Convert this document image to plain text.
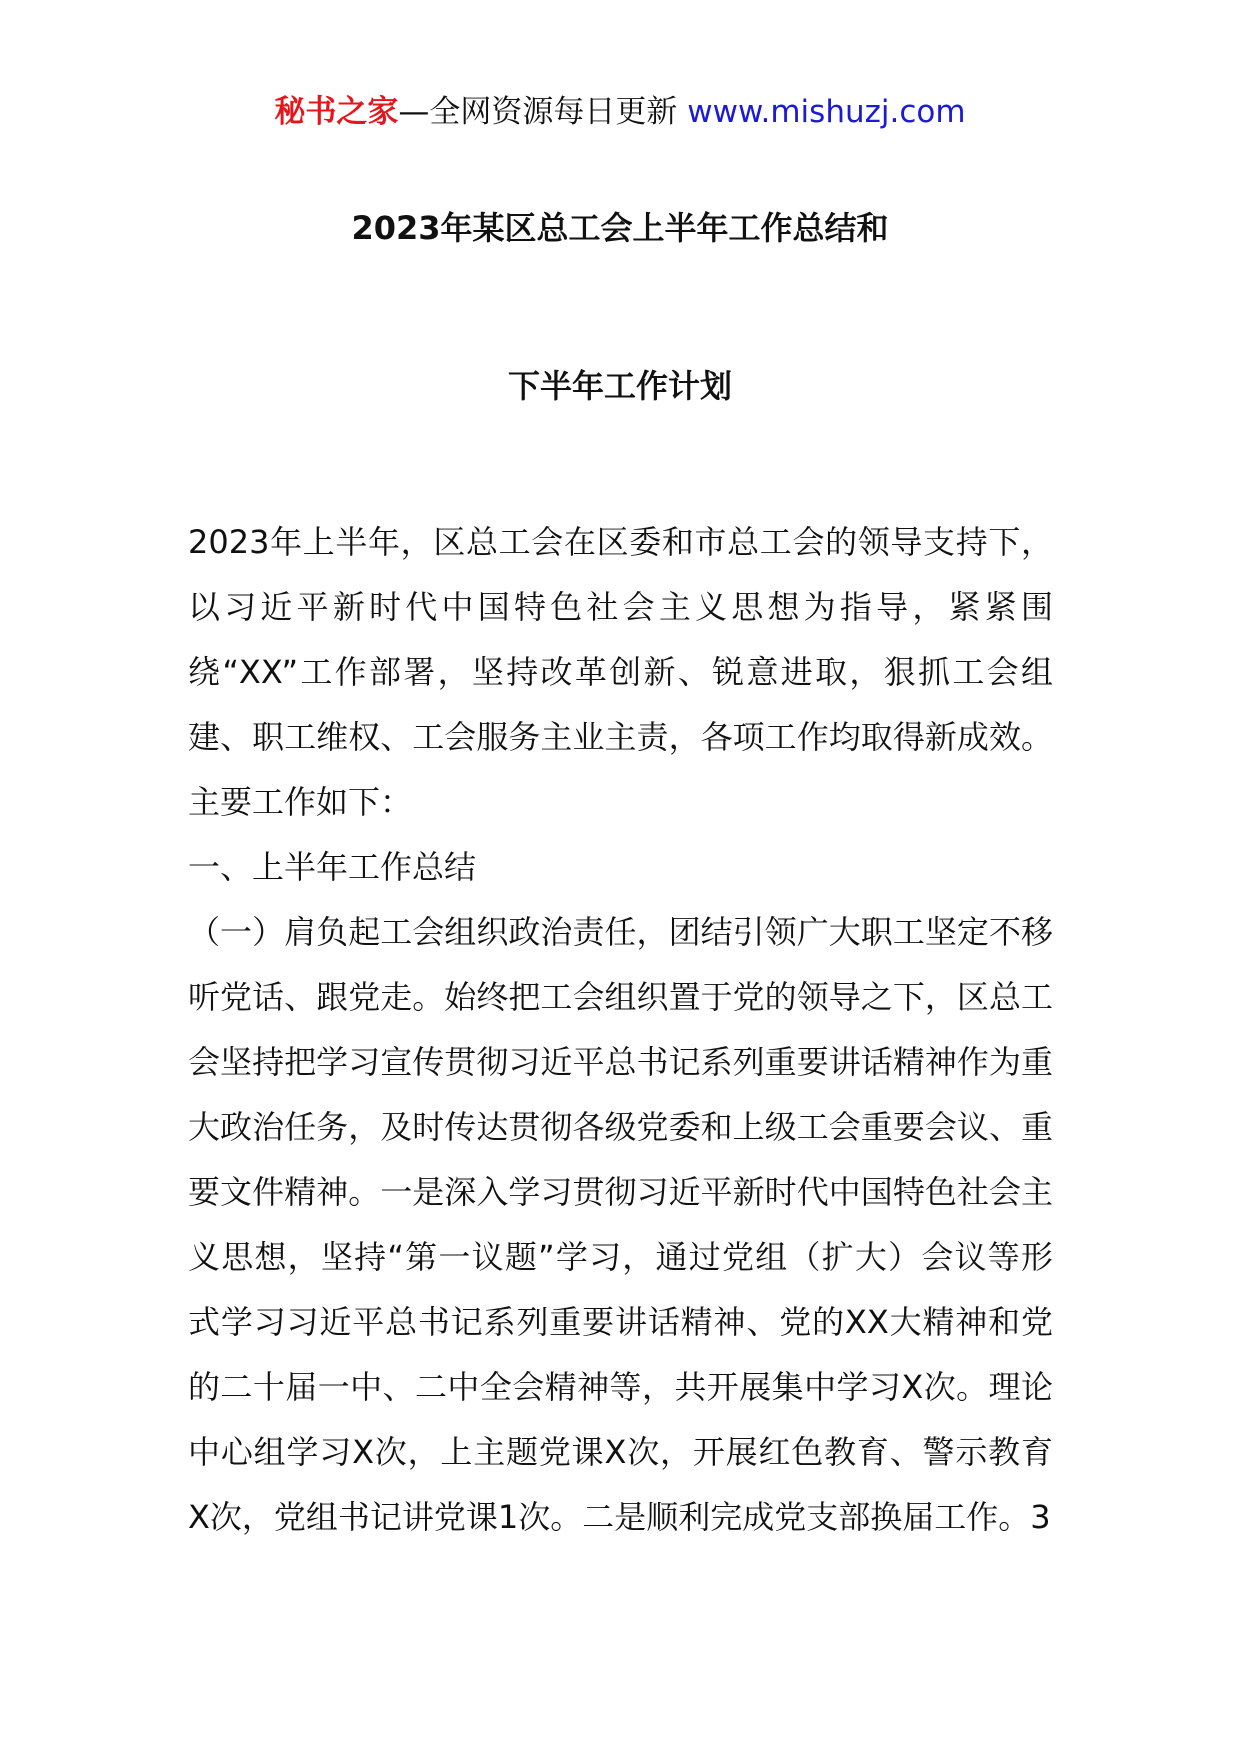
秘书之家—全网资源每日更新 www.mishuzj.com
2023年某区总工会上半年工作总结和
下半年工作计划

2023年上半年，区总工会在区委和市总工会的领导支持下，以习近平新时代中国特色社会主义思想为指导，紧紧围绕“XX”工作部署，坚持改革创新、锐意进取，狠抓工会组建、职工维权、工会服务主业主责，各项工作均取得新成效。主要工作如下：

一、上半年工作总结

（一）肩负起工会组织政治责任，团结引领广大职工坚定不移听党话、跟党走。始终把工会组织置于党的领导之下，区总工会坚持把学习宣传贯彻习近平总书记系列重要讲话精神作为重大政治任务，及时传达贯彻各级党委和上级工会重要会议、重要文件精神。一是深入学习贯彻习近平新时代中国特色社会主义思想，坚持“第一议题”学习，通过党组（扩大）会议等形式学习习近平总书记系列重要讲话精神、党的XX大精神和党的二十届一中、二中全会精神等，共开展集中学习X次。理论中心组学习X次，上主题党课X次，开展红色教育、警示教育X次，党组书记讲党课1次。二是顺利完成党支部换届工作。3
